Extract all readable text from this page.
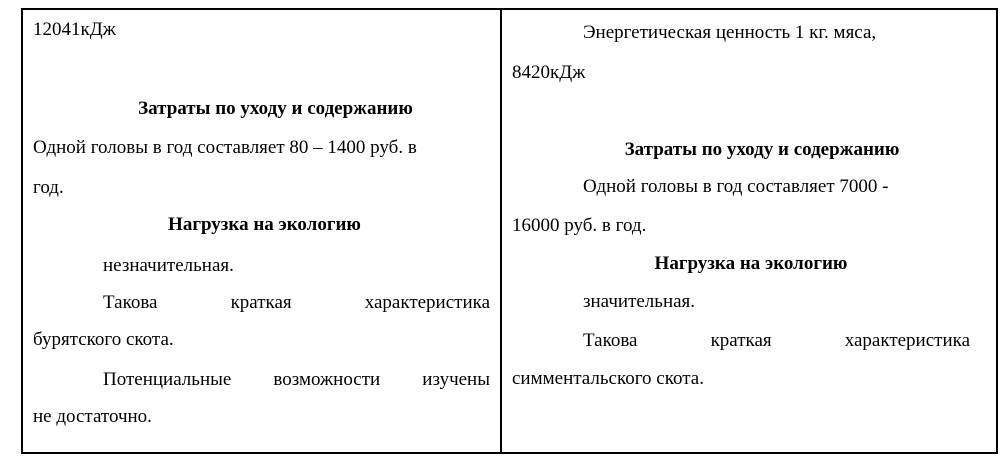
12041кДж
Затраты по уходу и содержанию
Одной головы в год составляет 80 – 1400 руб. в
год.
Нагрузка на экологию
незначительная.
Такова	краткая	характеристика
бурятского скота.
Потенциальные возможности изучены
не достаточно.
Энергетическая ценность 1 кг. мяса,
8420кДж
Затраты по уходу и содержанию
Одной головы в год составляет 7000 -
16000 руб. в год.
Нагрузка на экологию
значительная.
Такова	краткая	характеристика
симментальского скота.
